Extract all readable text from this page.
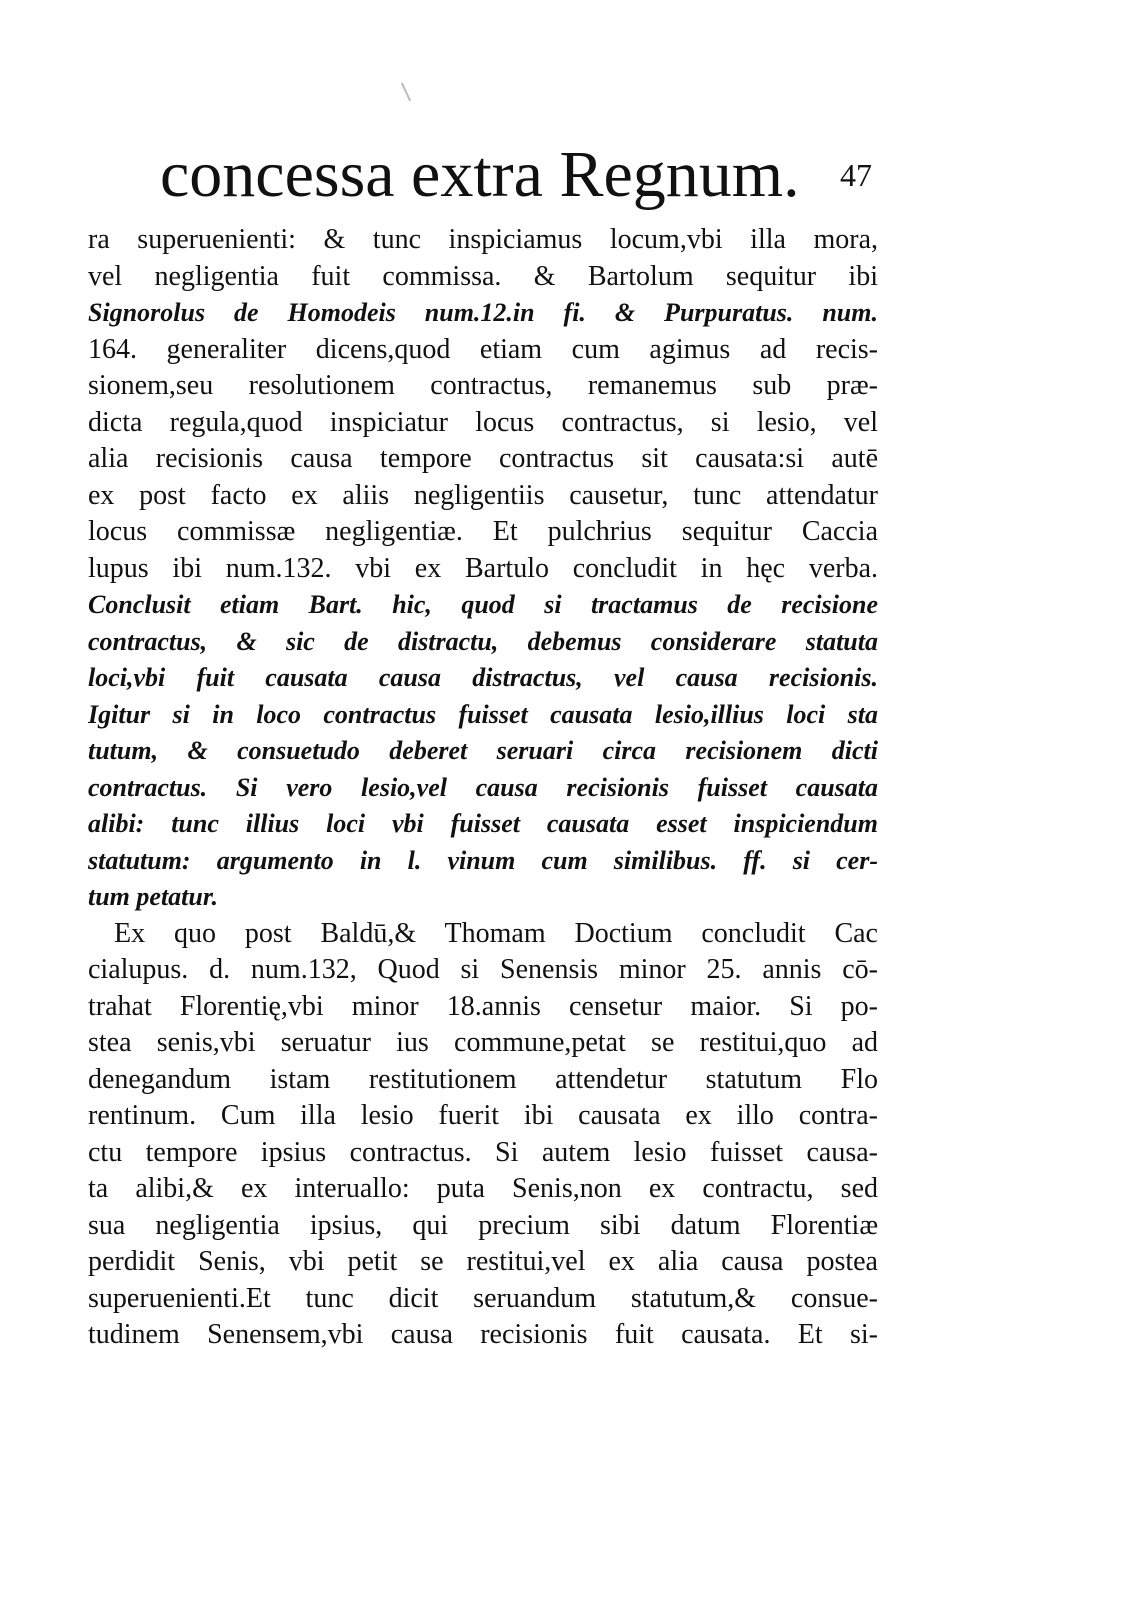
concessa extra Regnum. 47
ra superuenienti: & tunc inspiciamus locum,vbi illa mora,
vel negligentia fuit commissa. & Bartolum sequitur ibi
Signorolus de Homodeis num.12.in fi. & Purpuratus. num.
164. generaliter dicens,quod etiam cum agimus ad recis-
sionem,seu resolutionem contractus, remanemus sub præ-
dicta regula,quod inspiciatur locus contractus, si lesio, vel
alia recisionis causa tempore contractus sit causata:si autē
ex post facto ex aliis negligentiis causetur, tunc attendatur
locus commissæ negligentiæ. Et pulchrius sequitur Caccia
lupus ibi num.132. vbi ex Bartulo concludit in hęc verba.
Conclusit etiam Bart. hic, quod si tractamus de recisione
contractus, & sic de distractu, debemus considerare statuta
loci,vbi fuit causata causa distractus, vel causa recisionis.
Igitur si in loco contractus fuisset causata lesio,illius loci sta
tutum, & consuetudo deberet seruari circa recisionem dicti
contractus. Si vero lesio,vel causa recisionis fuisset causata
alibi: tunc illius loci vbi fuisset causata esset inspiciendum
statutum: argumento in l. vinum cum similibus. ff. si cer-
tum petatur.
Ex quo post Baldū,& Thomam Doctium concludit Cac
cialupus. d. num.132, Quod si Senensis minor 25. annis cō-
trahat Florentię,vbi minor 18.annis censetur maior. Si po-
stea senis,vbi seruatur ius commune,petat se restitui,quo ad
denegandum istam restitutionem attendetur statutum Flo
rentinum. Cum illa lesio fuerit ibi causata ex illo contra-
ctu tempore ipsius contractus. Si autem lesio fuisset causa-
ta alibi,& ex interuallo: puta Senis,non ex contractu, sed
sua negligentia ipsius, qui precium sibi datum Florentiæ
perdidit Senis, vbi petit se restitui,vel ex alia causa postea
superuenienti.Et tunc dicit seruandum statutum,& consue-
tudinem Senensem,vbi causa recisionis fuit causata. Et si-
